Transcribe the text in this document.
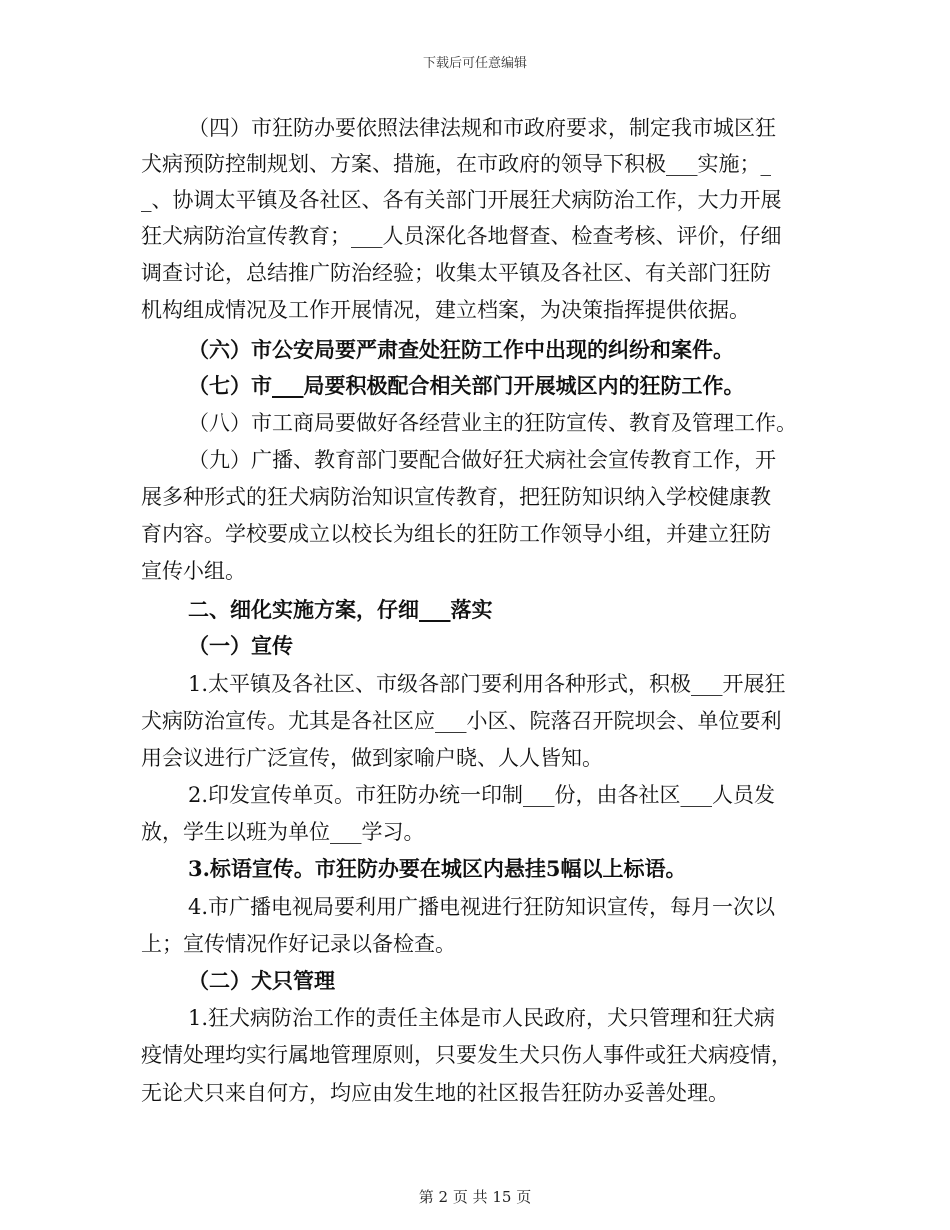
下载后可任意编辑
（四）市狂防办要依照法律法规和市政府要求，制定我市城区狂
犬病预防控制规划、方案、措施，在市政府的领导下积极___实施；_
_、协调太平镇及各社区、各有关部门开展狂犬病防治工作，大力开展
狂犬病防治宣传教育；___人员深化各地督查、检查考核、评价，仔细
调查讨论，总结推广防治经验；收集太平镇及各社区、有关部门狂防
机构组成情况及工作开展情况，建立档案，为决策指挥提供依据。
（六）市公安局要严肃查处狂防工作中出现的纠纷和案件。
（七）市___局要积极配合相关部门开展城区内的狂防工作。
（八）市工商局要做好各经营业主的狂防宣传、教育及管理工作。
（九）广播、教育部门要配合做好狂犬病社会宣传教育工作，开
展多种形式的狂犬病防治知识宣传教育，把狂防知识纳入学校健康教
育内容。学校要成立以校长为组长的狂防工作领导小组，并建立狂防
宣传小组。
二、细化实施方案，仔细___落实
（一）宣传
1.太平镇及各社区、市级各部门要利用各种形式，积极___开展狂
犬病防治宣传。尤其是各社区应___小区、院落召开院坝会、单位要利
用会议进行广泛宣传，做到家喻户晓、人人皆知。
2.印发宣传单页。市狂防办统一印制___份，由各社区___人员发
放，学生以班为单位___学习。
3.标语宣传。市狂防办要在城区内悬挂5幅以上标语。
4.市广播电视局要利用广播电视进行狂防知识宣传，每月一次以
上；宣传情况作好记录以备检查。
（二）犬只管理
1.狂犬病防治工作的责任主体是市人民政府，犬只管理和狂犬病
疫情处理均实行属地管理原则，只要发生犬只伤人事件或狂犬病疫情，
无论犬只来自何方，均应由发生地的社区报告狂防办妥善处理。
第 2 页 共 15 页
